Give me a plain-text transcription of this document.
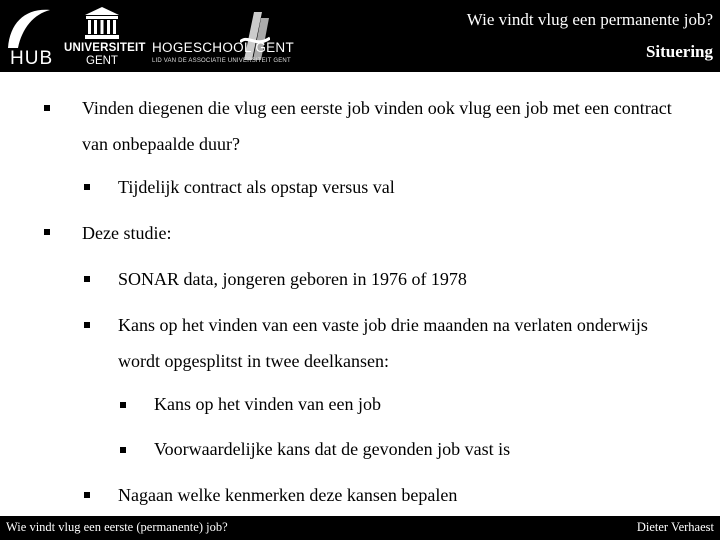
HUB UNIVERSITEIT
GENT
HOGESCHOOL GENT
LID VAN DE ASSOCIATIE UNIVERSITEIT GENT
Wie vindt vlug een permanente job?
Situering
Vinden diegenen die vlug een eerste job vinden ook vlug een job met een contract van onbepaalde duur?
Tijdelijk contract als opstap versus val
Deze studie:
SONAR data, jongeren geboren in 1976 of 1978
Kans op het vinden van een vaste job drie maanden na verlaten onderwijs wordt opgesplitst in twee deelkansen:
Kans op het vinden van een job
Voorwaardelijke kans dat de gevonden job vast is
Nagaan welke kenmerken deze kansen bepalen
Wie vindt vlug een eerste (permanente) job?	Dieter Verhaest
